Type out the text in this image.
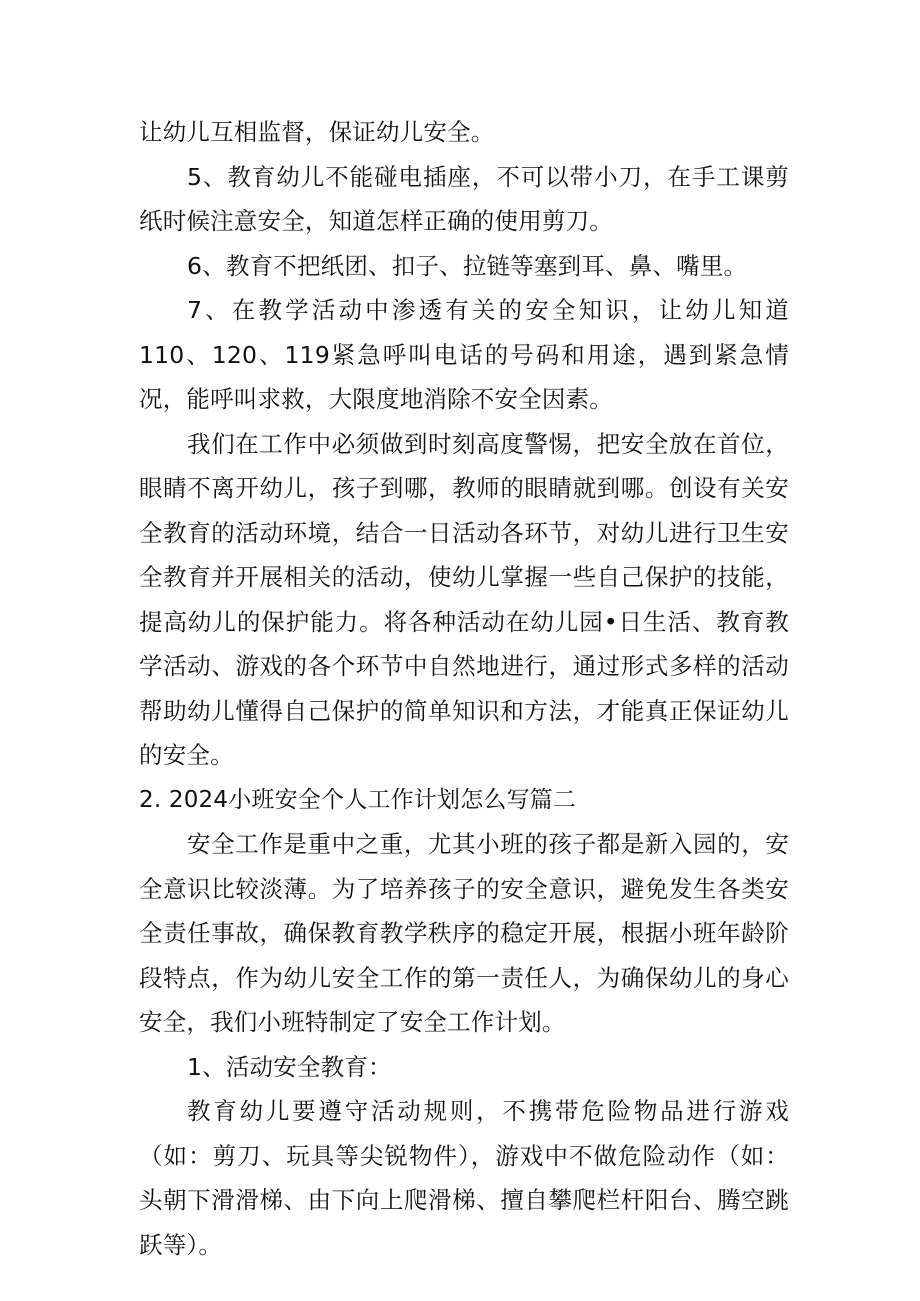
让幼儿互相监督，保证幼儿安全。

5、教育幼儿不能碰电插座，不可以带小刀，在手工课剪纸时候注意安全，知道怎样正确的使用剪刀。

6、教育不把纸团、扣子、拉链等塞到耳、鼻、嘴里。

7、在教学活动中渗透有关的安全知识，让幼儿知道110、120、119紧急呼叫电话的号码和用途，遇到紧急情况，能呼叫求救，大限度地消除不安全因素。

我们在工作中必须做到时刻高度警惕，把安全放在首位，眼睛不离开幼儿，孩子到哪，教师的眼睛就到哪。创设有关安全教育的活动环境，结合一日活动各环节，对幼儿进行卫生安全教育并开展相关的活动，使幼儿掌握一些自己保护的技能，提高幼儿的保护能力。将各种活动在幼儿园•日生活、教育教学活动、游戏的各个环节中自然地进行，通过形式多样的活动帮助幼儿懂得自己保护的简单知识和方法，才能真正保证幼儿的安全。

2. 2024小班安全个人工作计划怎么写篇二

安全工作是重中之重，尤其小班的孩子都是新入园的，安全意识比较淡薄。为了培养孩子的安全意识，避免发生各类安全责任事故，确保教育教学秩序的稳定开展，根据小班年龄阶段特点，作为幼儿安全工作的第一责任人，为确保幼儿的身心安全，我们小班特制定了安全工作计划。

1、活动安全教育：

教育幼儿要遵守活动规则，不携带危险物品进行游戏（如：剪刀、玩具等尖锐物件），游戏中不做危险动作（如：头朝下滑滑梯、由下向上爬滑梯、擅自攀爬栏杆阳台、腾空跳跃等）。
